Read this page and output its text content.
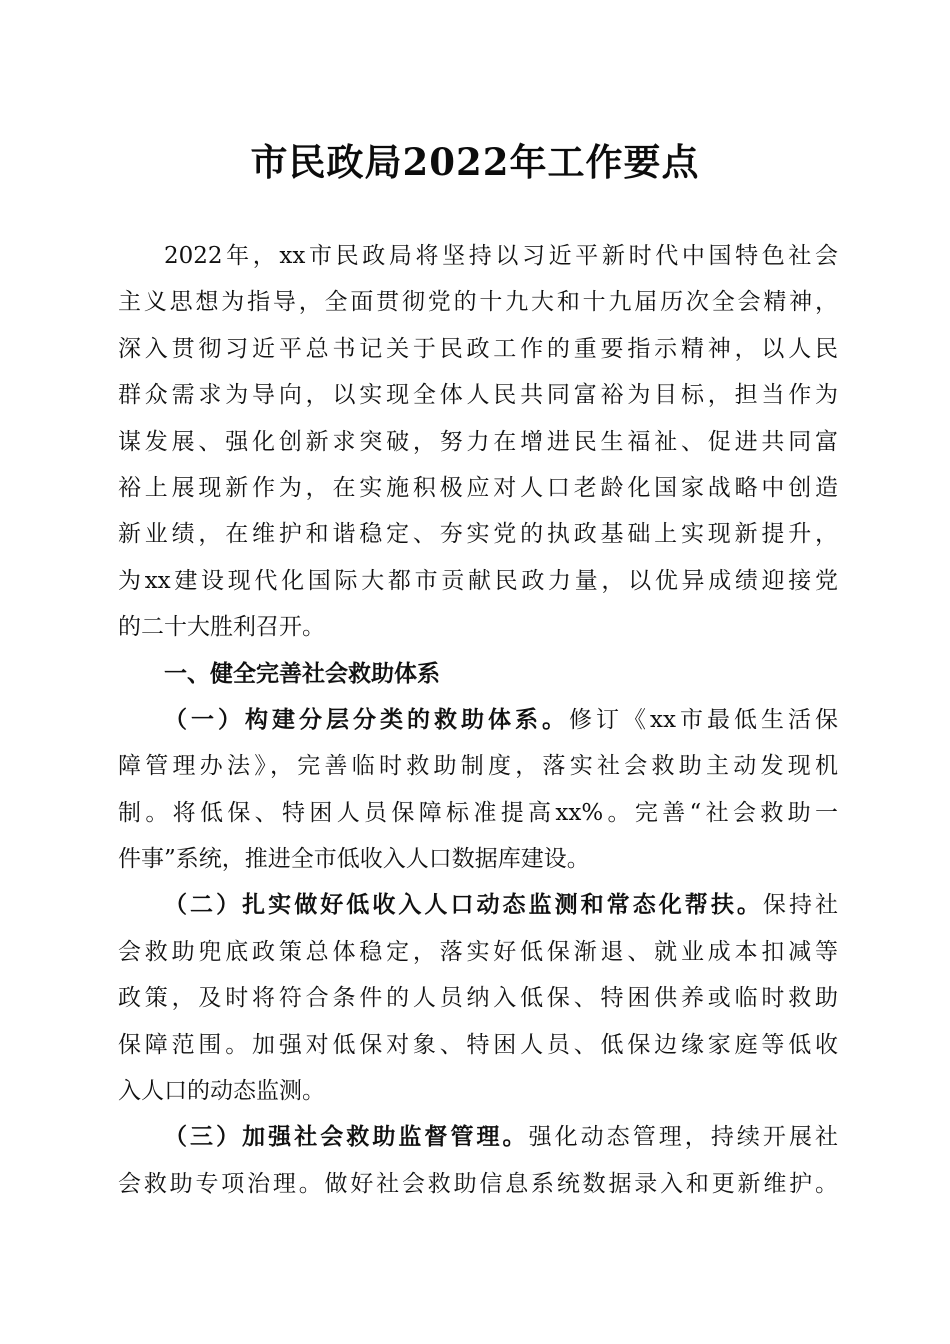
市民政局2022年工作要点
2022年，xx市民政局将坚持以习近平新时代中国特色社会
主义思想为指导，全面贯彻党的十九大和十九届历次全会精神，
深入贯彻习近平总书记关于民政工作的重要指示精神，以人民
群众需求为导向，以实现全体人民共同富裕为目标，担当作为
谋发展、强化创新求突破，努力在增进民生福祉、促进共同富
裕上展现新作为，在实施积极应对人口老龄化国家战略中创造
新业绩，在维护和谐稳定、夯实党的执政基础上实现新提升，
为xx建设现代化国际大都市贡献民政力量，以优异成绩迎接党
的二十大胜利召开。
一、健全完善社会救助体系
（一）构建分层分类的救助体系。修订《xx市最低生活保
障管理办法》，完善临时救助制度，落实社会救助主动发现机
制。将低保、特困人员保障标准提高xx%。完善“社会救助一
件事”系统，推进全市低收入人口数据库建设。
（二）扎实做好低收入人口动态监测和常态化帮扶。保持社
会救助兜底政策总体稳定，落实好低保渐退、就业成本扣减等
政策，及时将符合条件的人员纳入低保、特困供养或临时救助
保障范围。加强对低保对象、特困人员、低保边缘家庭等低收
入人口的动态监测。
（三）加强社会救助监督管理。强化动态管理，持续开展社
会救助专项治理。做好社会救助信息系统数据录入和更新维护。
